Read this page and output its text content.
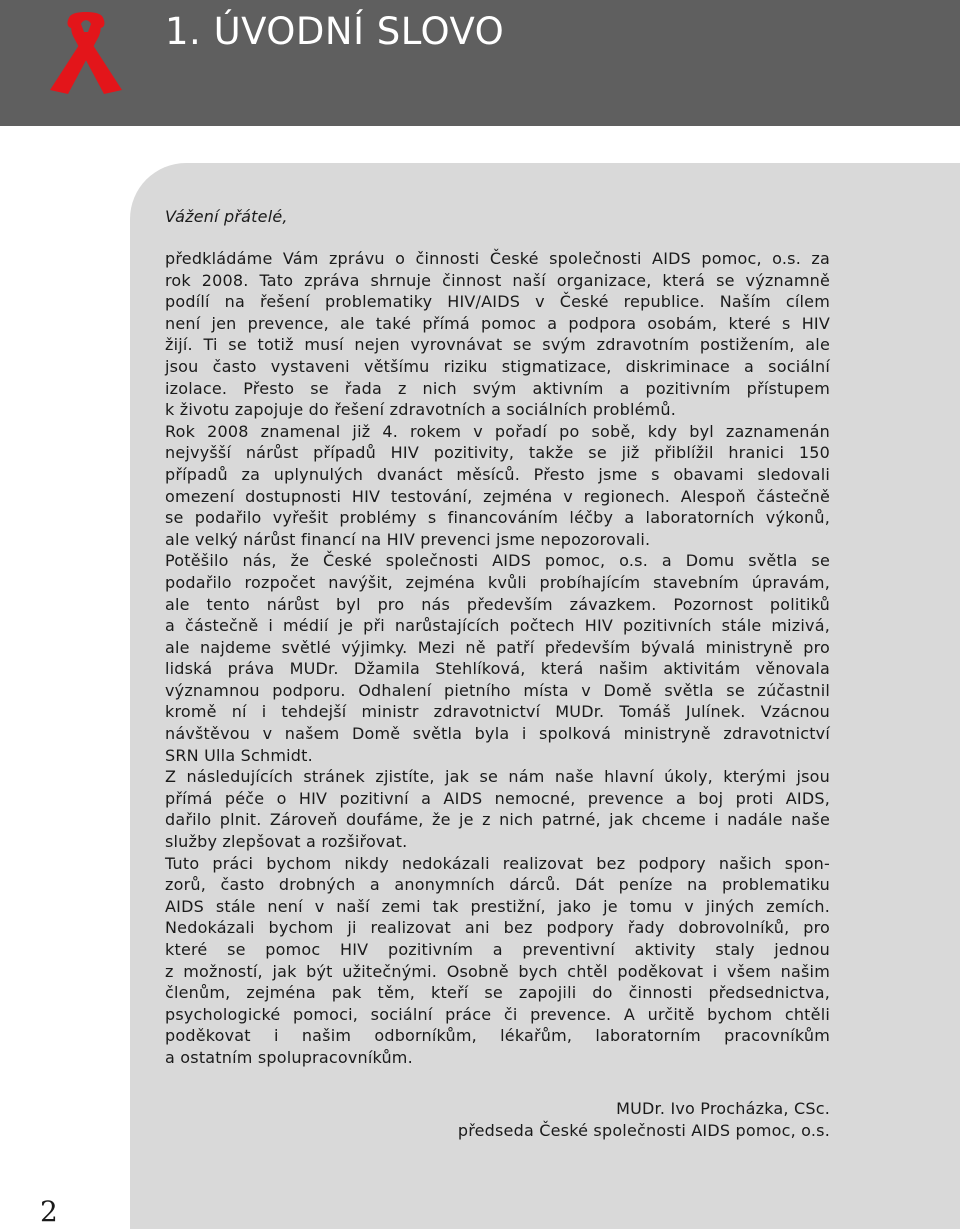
1. ÚVODNÍ SLOVO
2
Vážení přátelé,
předkládáme Vám zprávu o činnosti České společnosti AIDS pomoc, o.s. za
rok 2008. Tato zpráva shrnuje činnost naší organizace, která se významně
podílí na řešení problematiky HIV/AIDS v České republice. Naším cílem
není jen prevence, ale také přímá pomoc a podpora osobám, které s HIV
žijí. Ti se totiž musí nejen vyrovnávat se svým zdravotním postižením, ale
jsou často vystaveni většímu riziku stigmatizace, diskriminace a sociální
izolace. Přesto se řada z nich svým aktivním a pozitivním přístupem
k životu zapojuje do řešení zdravotních a sociálních problémů.
Rok 2008 znamenal již 4. rokem v pořadí po sobě, kdy byl zaznamenán
nejvyšší nárůst případů HIV pozitivity, takže se již přiblížil hranici 150
případů za uplynulých dvanáct měsíců. Přesto jsme s obavami sledovali
omezení dostupnosti HIV testování, zejména v regionech. Alespoň částečně
se podařilo vyřešit problémy s financováním léčby a laboratorních výkonů,
ale velký nárůst financí na HIV prevenci jsme nepozorovali.
Potěšilo nás, že České společnosti AIDS pomoc, o.s. a Domu světla se
podařilo rozpočet navýšit, zejména kvůli probíhajícím stavebním úpravám,
ale tento nárůst byl pro nás především závazkem. Pozornost politiků
a částečně i médií je při narůstajících počtech HIV pozitivních stále mizivá,
ale najdeme světlé výjimky. Mezi ně patří především bývalá ministryně pro
lidská práva MUDr. Džamila Stehlíková, která našim aktivitám věnovala
významnou podporu. Odhalení pietního místa v Domě světla se zúčastnil
kromě ní i tehdejší ministr zdravotnictví MUDr. Tomáš Julínek. Vzácnou
návštěvou v našem Domě světla byla i spolková ministryně zdravotnictví
SRN Ulla Schmidt.
Z následujících stránek zjistíte, jak se nám naše hlavní úkoly, kterými jsou
přímá péče o HIV pozitivní a AIDS nemocné, prevence a boj proti AIDS,
dařilo plnit. Zároveň doufáme, že je z nich patrné, jak chceme i nadále naše
služby zlepšovat a rozšiřovat.
Tuto práci bychom nikdy nedokázali realizovat bez podpory našich spon-
zorů, často drobných a anonymních dárců. Dát peníze na problematiku
AIDS stále není v naší zemi tak prestižní, jako je tomu v jiných zemích.
Nedokázali bychom ji realizovat ani bez podpory řady dobrovolníků, pro
které se pomoc HIV pozitivním a preventivní aktivity staly jednou
z možností, jak být užitečnými. Osobně bych chtěl poděkovat i všem našim
členům, zejména pak těm, kteří se zapojili do činnosti předsednictva,
psychologické pomoci, sociální práce či prevence. A určitě bychom chtěli
poděkovat i našim odborníkům, lékařům, laboratorním pracovníkům
a ostatním spolupracovníkům.
MUDr. Ivo Procházka, CSc.
předseda České společnosti AIDS pomoc, o.s.
